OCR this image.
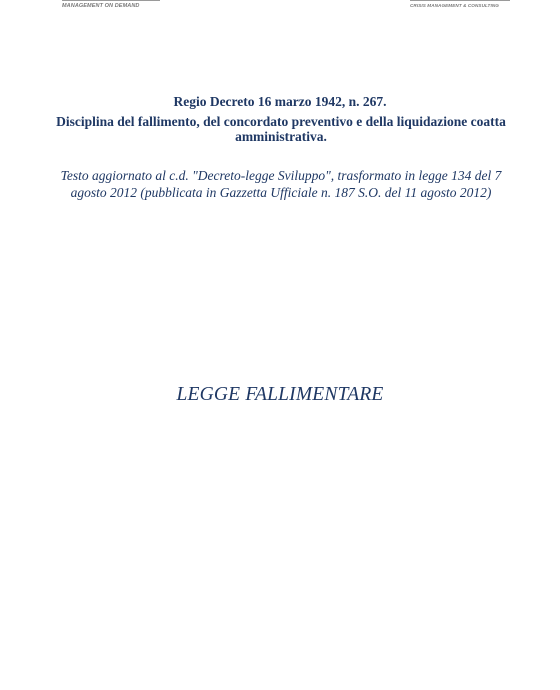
MANAGEMENT ON DEMAND	CRISIS MANAGEMENT & CONSULTING
Regio Decreto 16 marzo 1942, n. 267.
Disciplina del fallimento, del concordato preventivo e della liquidazione coatta amministrativa.
Testo aggiornato al c.d. "Decreto-legge Sviluppo", trasformato in legge 134 del 7 agosto 2012 (pubblicata in Gazzetta Ufficiale n. 187 S.O. del 11 agosto 2012)
LEGGE FALLIMENTARE
